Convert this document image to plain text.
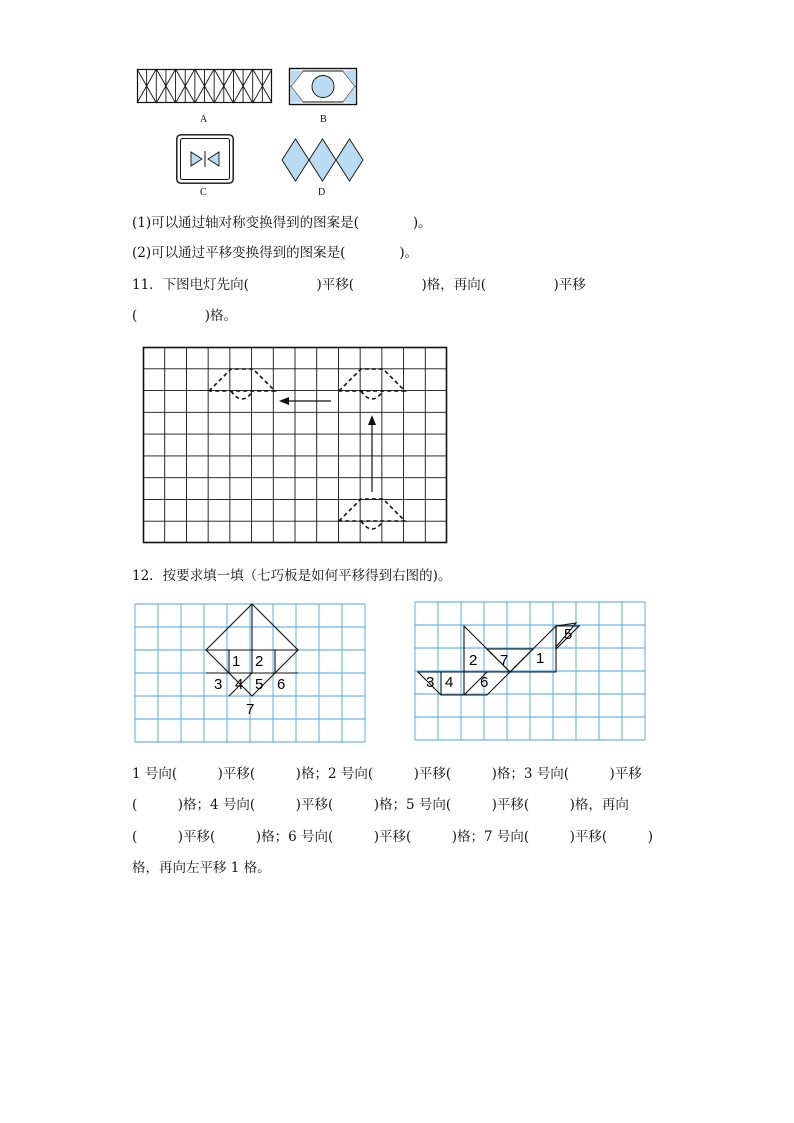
A	B
C	D
(1)可以通过轴对称变换得到的图案是(　　　　)。
(2)可以通过平移变换得到的图案是(　　　　)。
11．下图电灯先向(　　　　　)平移(　　　　　)格，再向(　　　　　)平移
(　　　　　)格。
12．按要求填一填（七巧板是如何平移得到右图的)。
1 2
3 4 5 6
7
1
2
3 4
5
6
7
1 号向(　　　)平移(　　　)格；2 号向(　　　)平移(　　　)格；3 号向(　　　)平移
(　　　)格；4 号向(　　　)平移(　　　)格；5 号向(　　　)平移(　　　)格，再向
(　　　)平移(　　　)格；6 号向(　　　)平移(　　　)格；7 号向(　　　)平移(　　　)
格，再向左平移 1 格。
